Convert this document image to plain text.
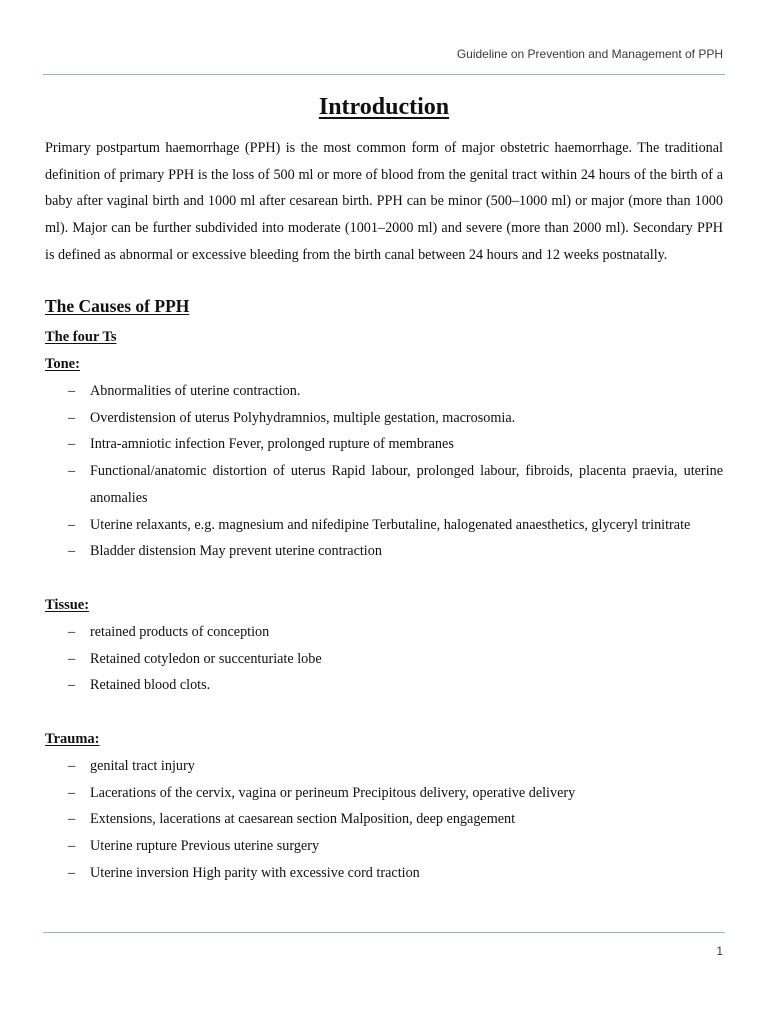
Guideline on Prevention and Management of PPH
Introduction

Primary postpartum haemorrhage (PPH) is the most common form of major obstetric haemorrhage. The traditional definition of primary PPH is the loss of 500 ml or more of blood from the genital tract within 24 hours of the birth of a baby after vaginal birth and 1000 ml after cesarean birth. PPH can be minor (500–1000 ml) or major (more than 1000 ml). Major can be further subdivided into moderate (1001–2000 ml) and severe (more than 2000 ml). Secondary PPH is defined as abnormal or excessive bleeding from the birth canal between 24 hours and 12 weeks postnatally.

The Causes of PPH
The four Ts
Tone:
– Abnormalities of uterine contraction.
– Overdistension of uterus Polyhydramnios, multiple gestation, macrosomia.
– Intra-amniotic infection Fever, prolonged rupture of membranes
– Functional/anatomic distortion of uterus Rapid labour, prolonged labour, fibroids, placenta praevia, uterine anomalies
– Uterine relaxants, e.g. magnesium and nifedipine Terbutaline, halogenated anaesthetics, glyceryl trinitrate
– Bladder distension May prevent uterine contraction
Tissue:
– retained products of conception
– Retained cotyledon or succenturiate lobe
– Retained blood clots.
Trauma:
– genital tract injury
– Lacerations of the cervix, vagina or perineum Precipitous delivery, operative delivery
– Extensions, lacerations at caesarean section Malposition, deep engagement
– Uterine rupture Previous uterine surgery
– Uterine inversion High parity with excessive cord traction
1
